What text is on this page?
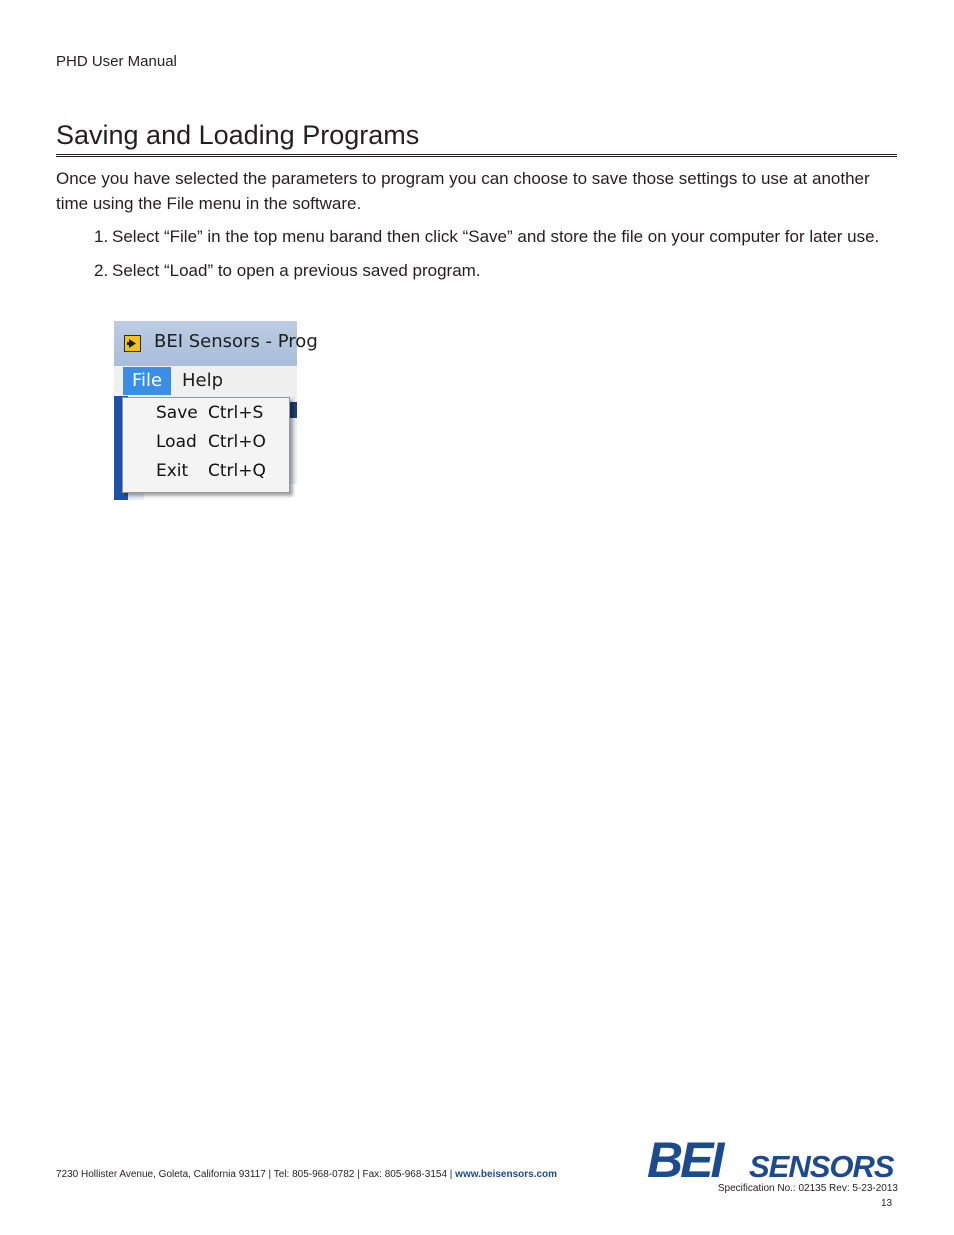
PHD User Manual
Saving and Loading Programs

Once you have selected the parameters to program you can choose to save those settings to use at another time using the File menu in the software.

1. Select “File” in the top menu barand then click “Save” and store the file on your computer for later use.
2. Select “Load” to open a previous saved program.
BEI Sensors - Prog
File	Help
Save Ctrl+S
Load Ctrl+O
Exit Ctrl+Q
7230 Hollister Avenue, Goleta, California 93117 | Tel: 805-968-0782 | Fax: 805-968-3154 | www.beisensors.com BEI SENSORS
Specification No.: 02135 Rev: 5-23-2013
13
